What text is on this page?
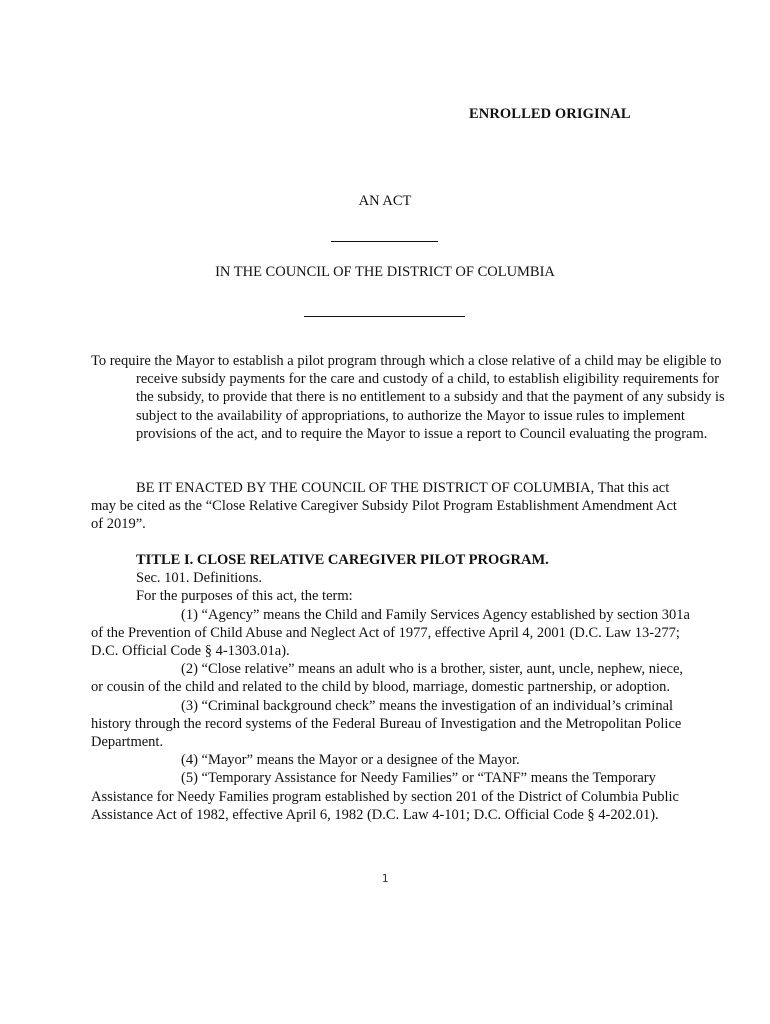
ENROLLED ORIGINAL

AN ACT

IN THE COUNCIL OF THE DISTRICT OF COLUMBIA

To require the Mayor to establish a pilot program through which a close relative of a child may be eligible to receive subsidy payments for the care and custody of a child, to establish eligibility requirements for the subsidy, to provide that there is no entitlement to a subsidy and that the payment of any subsidy is subject to the availability of appropriations, to authorize the Mayor to issue rules to implement provisions of the act, and to require the Mayor to issue a report to Council evaluating the program.

BE IT ENACTED BY THE COUNCIL OF THE DISTRICT OF COLUMBIA, That this act may be cited as the “Close Relative Caregiver Subsidy Pilot Program Establishment Amendment Act of 2019”.

TITLE I. CLOSE RELATIVE CAREGIVER PILOT PROGRAM.
Sec. 101. Definitions.
For the purposes of this act, the term:
(1) “Agency” means the Child and Family Services Agency established by section 301a of the Prevention of Child Abuse and Neglect Act of 1977, effective April 4, 2001 (D.C. Law 13-277; D.C. Official Code § 4-1303.01a).
(2) “Close relative” means an adult who is a brother, sister, aunt, uncle, nephew, niece, or cousin of the child and related to the child by blood, marriage, domestic partnership, or adoption.
(3) “Criminal background check” means the investigation of an individual’s criminal history through the record systems of the Federal Bureau of Investigation and the Metropolitan Police Department.
(4) “Mayor” means the Mayor or a designee of the Mayor.
(5) “Temporary Assistance for Needy Families” or “TANF” means the Temporary Assistance for Needy Families program established by section 201 of the District of Columbia Public Assistance Act of 1982, effective April 6, 1982 (D.C. Law 4-101; D.C. Official Code § 4-202.01).

1
